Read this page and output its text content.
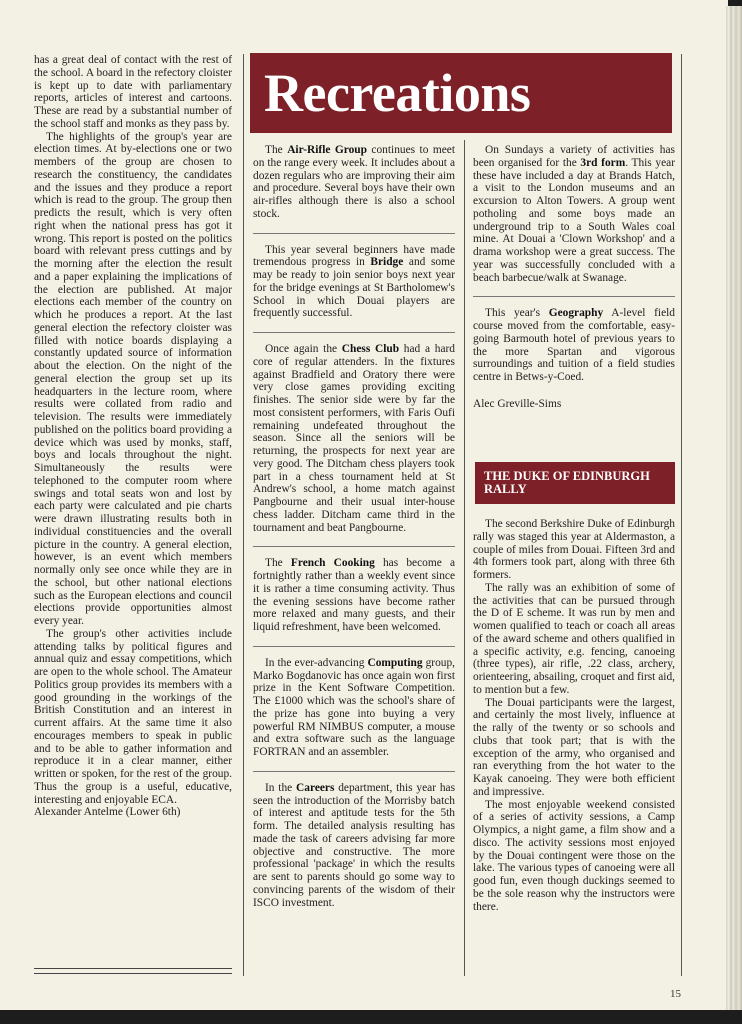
has a great deal of contact with the rest of the school. A board in the refectory cloister is kept up to date with parliamentary reports, articles of interest and cartoons. These are read by a substantial number of the school staff and monks as they pass by.

The highlights of the group's year are election times. At by-elections one or two members of the group are chosen to research the constituency, the candidates and the issues and they produce a report which is read to the group. The group then predicts the result, which is very often right when the national press has got it wrong. This report is posted on the politics board with relevant press cuttings and by the morning after the election the result and a paper explaining the implications of the election are published. At major elections each member of the country on which he produces a report. At the last general election the refectory cloister was filled with notice boards displaying a constantly updated source of information about the election. On the night of the general election the group set up its headquarters in the lecture room, where results were collated from radio and television. The results were immediately published on the politics board providing a device which was used by monks, staff, boys and locals throughout the night. Simultaneously the results were telephoned to the computer room where swings and total seats won and lost by each party were calculated and pie charts were drawn illustrating results both in individual constituencies and the overall picture in the country. A general election, however, is an event which members normally only see once while they are in the school, but other national elections such as the European elections and council elections provide opportunities almost every year.

The group's other activities include attending talks by political figures and annual quiz and essay competitions, which are open to the whole school. The Amateur Politics group provides its members with a good grounding in the workings of the British Constitution and an interest in current affairs. At the same time it also encourages members to speak in public and to be able to gather information and reproduce it in a clear manner, either written or spoken, for the rest of the group. Thus the group is a useful, educative, interesting and enjoyable ECA.

Alexander Antelme (Lower 6th)

Recreations

The Air-Rifle Group continues to meet on the range every week. It includes about a dozen regulars who are improving their aim and procedure. Several boys have their own air-rifles although there is also a school stock.

This year several beginners have made tremendous progress in Bridge and some may be ready to join senior boys next year for the bridge evenings at St Bartholomew's School in which Douai players are frequently successful.

Once again the Chess Club had a hard core of regular attenders. In the fixtures against Bradfield and Oratory there were very close games providing exciting finishes. The senior side were by far the most consistent performers, with Faris Oufi remaining undefeated throughout the season. Since all the seniors will be returning, the prospects for next year are very good. The Ditcham chess players took part in a chess tournament held at St Andrew's school, a home match against Pangbourne and their usual inter-house chess ladder. Ditcham came third in the tournament and beat Pangbourne.

The French Cooking has become a fortnightly rather than a weekly event since it is rather a time consuming activity. Thus the evening sessions have become rather more relaxed and many guests, and their liquid refreshment, have been welcomed.

In the ever-advancing Computing group, Marko Bogdanovic has once again won first prize in the Kent Software Competition. The £1000 which was the school's share of the prize has gone into buying a very powerful RM NIMBUS computer, a mouse and extra software such as the language FORTRAN and an assembler.

In the Careers department, this year has seen the introduction of the Morrisby batch of interest and aptitude tests for the 5th form. The detailed analysis resulting has made the task of careers advising far more objective and constructive. The more professional 'package' in which the results are sent to parents should go some way to convincing parents of the wisdom of their ISCO investment.

On Sundays a variety of activities has been organised for the 3rd form. This year these have included a day at Brands Hatch, a visit to the London museums and an excursion to Alton Towers. A group went potholing and some boys made an underground trip to a South Wales coal mine. At Douai a 'Clown Workshop' and a drama workshop were a great success. The year was successfully concluded with a beach barbecue/walk at Swanage.

This year's Geography A-level field course moved from the comfortable, easy-going Barmouth hotel of previous years to the more Spartan and vigorous surroundings and tuition of a field studies centre in Betws-y-Coed.

Alec Greville-Sims

THE DUKE OF EDINBURGH RALLY

The second Berkshire Duke of Edinburgh rally was staged this year at Aldermaston, a couple of miles from Douai. Fifteen 3rd and 4th formers took part, along with three 6th formers.

The rally was an exhibition of some of the activities that can be pursued through the D of E scheme. It was run by men and women qualified to teach or coach all areas of the award scheme and others qualified in a specific activity, e.g. fencing, canoeing (three types), air rifle, .22 class, archery, orienteering, absailing, croquet and first aid, to mention but a few.

The Douai participants were the largest, and certainly the most lively, influence at the rally of the twenty or so schools and clubs that took part; that is with the exception of the army, who organised and ran everything from the hot water to the Kayak canoeing. They were both efficient and impressive.

The most enjoyable weekend consisted of a series of activity sessions, a Camp Olympics, a night game, a film show and a disco. The activity sessions most enjoyed by the Douai contingent were those on the lake. The various types of canoeing were all good fun, even though duckings seemed to be the sole reason why the instructors were there.

15
